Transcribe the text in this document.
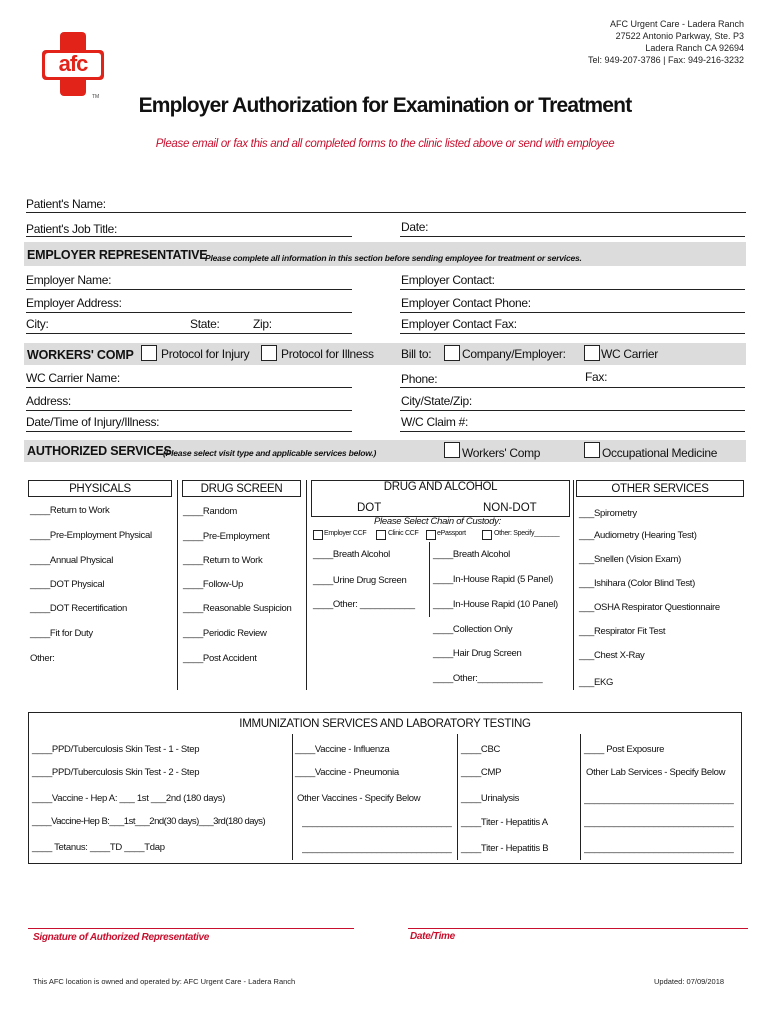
afc
TM
AFC Urgent Care - Ladera Ranch
27522 Antonio Parkway, Ste. P3
Ladera Ranch CA 92694
Tel: 949-207-3786 | Fax: 949-216-3232
Employer Authorization for Examination or Treatment
Please email or fax this and all completed forms to the clinic listed above or send with employee
Patient's Name:
Patient's Job Title:	Date:
EMPLOYER REPRESENTATIVE
Please complete all information in this section before sending employee for treatment or services.
Employer Name:
Employer Address:
City:	State:	Zip:
Employer Contact:
Employer Contact Phone:
Employer Contact Fax:
WORKERS' COMP Protocol for Injury	Protocol for Illness Bill to:	Company/Employer:	WC Carrier
WC Carrier Name:
Address:
Date/Time of Injury/Illness:
Phone:	Fax:
City/State/Zip:
W/C Claim #:
AUTHORIZED SERVICES
(Please select visit type and applicable services below.)	Workers' Comp	Occupational Medicine
PHYSICALS	DRUG SCREEN	DRUG AND ALCOHOL
DOT	NON-DOT
Please Select Chain of Custody:
OTHER SERVICES
Employer CCF	Clinic CCF	ePassport	Other: Specify_______
____Return to Work
____Pre-Employment Physical
____Annual Physical
____DOT Physical
____DOT Recertification
____Fit for Duty
Other:
____Random
____Pre-Employment
____Return to Work
____Follow-Up
____Reasonable Suspicion
____Periodic Review
____Post Accident
____Breath Alcohol
____Urine Drug Screen
____Other: ___________
____Breath Alcohol
____In-House Rapid (5 Panel)
____In-House Rapid (10 Panel)
____Collection Only
____Hair Drug Screen
____Other:_____________
___Spirometry
___Audiometry (Hearing Test)
___Snellen (Vision Exam)
___Ishihara (Color Blind Test)
___OSHA Respirator Questionnaire
___Respirator Fit Test
___Chest X-Ray
___EKG
IMMUNIZATION SERVICES AND LABORATORY TESTING
____PPD/Tuberculosis Skin Test - 1 - Step
____PPD/Tuberculosis Skin Test - 2 - Step
____Vaccine - Hep A: ___ 1st ___2nd (180 days)
____Vaccine-Hep B:___1st___2nd(30 days)___3rd(180 days)
____ Tetanus: ____TD ____Tdap
____Vaccine - Influenza
____Vaccine - Pneumonia
Other Vaccines - Specify Below
______________________________
______________________________
____CBC
____CMP
____Urinalysis
____Titer - Hepatitis A
____Titer - Hepatitis B
____ Post Exposure
Other Lab Services - Specify Below
______________________________
______________________________
______________________________
Signature of Authorized Representative	Date/Time
This AFC location is owned and operated by: AFC Urgent Care - Ladera Ranch	Updated: 07/09/2018
